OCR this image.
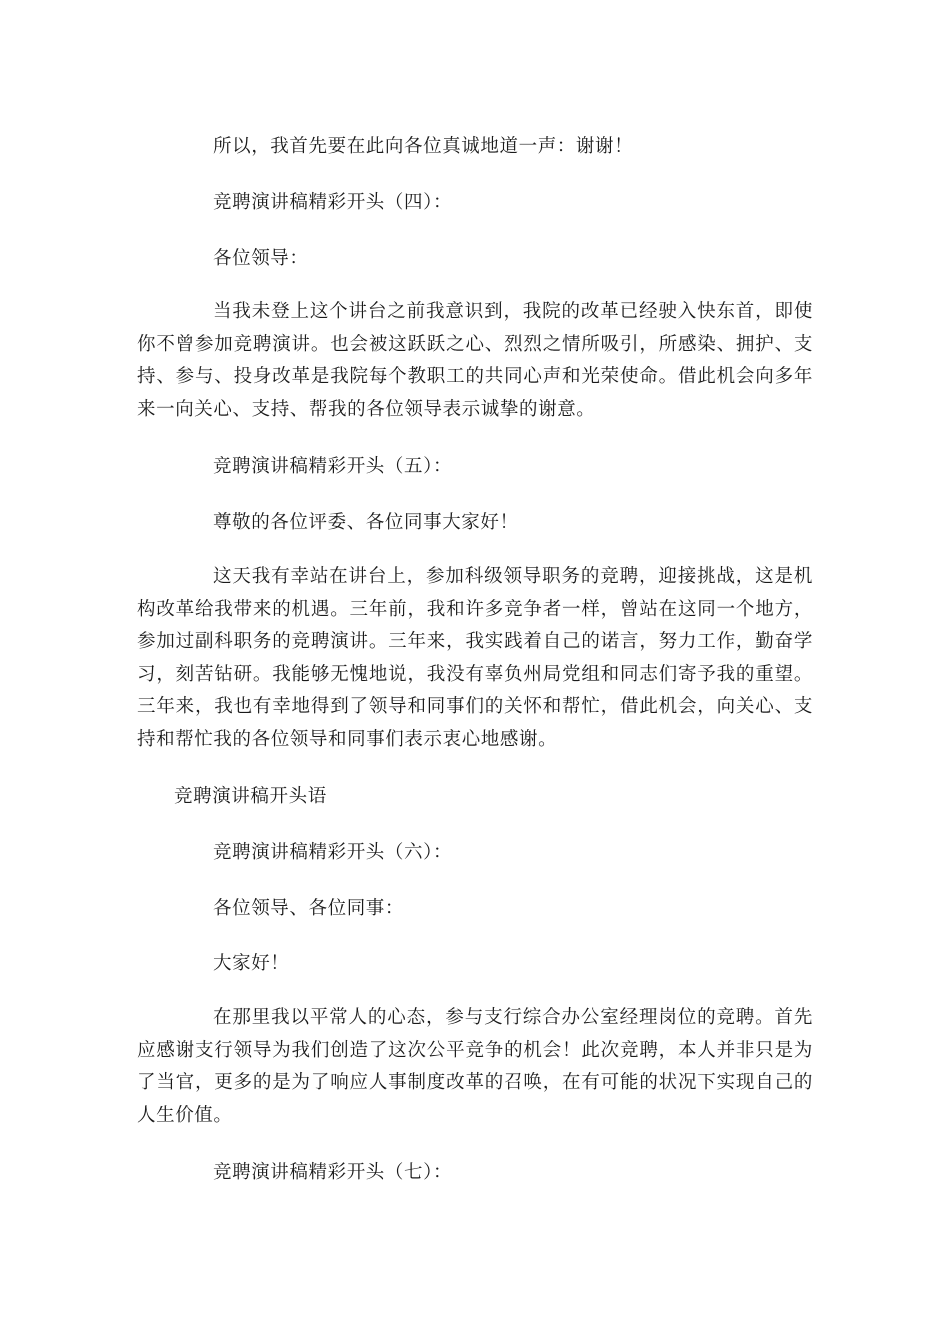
所以，我首先要在此向各位真诚地道一声：谢谢！

竞聘演讲稿精彩开头（四）：

各位领导：

当我未登上这个讲台之前我意识到，我院的改革已经驶入快东首，即使你不曾参加竞聘演讲。也会被这跃跃之心、烈烈之情所吸引，所感染、拥护、支持、参与、投身改革是我院每个教职工的共同心声和光荣使命。借此机会向多年来一向关心、支持、帮我的各位领导表示诚挚的谢意。

竞聘演讲稿精彩开头（五）：

尊敬的各位评委、各位同事大家好！

这天我有幸站在讲台上，参加科级领导职务的竞聘，迎接挑战，这是机构改革给我带来的机遇。三年前，我和许多竞争者一样，曾站在这同一个地方，参加过副科职务的竞聘演讲。三年来，我实践着自己的诺言，努力工作，勤奋学习，刻苦钻研。我能够无愧地说，我没有辜负州局党组和同志们寄予我的重望。三年来，我也有幸地得到了领导和同事们的关怀和帮忙，借此机会，向关心、支持和帮忙我的各位领导和同事们表示衷心地感谢。

竞聘演讲稿开头语

竞聘演讲稿精彩开头（六）：

各位领导、各位同事：

大家好！

在那里我以平常人的心态，参与支行综合办公室经理岗位的竞聘。首先应感谢支行领导为我们创造了这次公平竞争的机会！此次竞聘，本人并非只是为了当官，更多的是为了响应人事制度改革的召唤，在有可能的状况下实现自己的人生价值。

竞聘演讲稿精彩开头（七）：
